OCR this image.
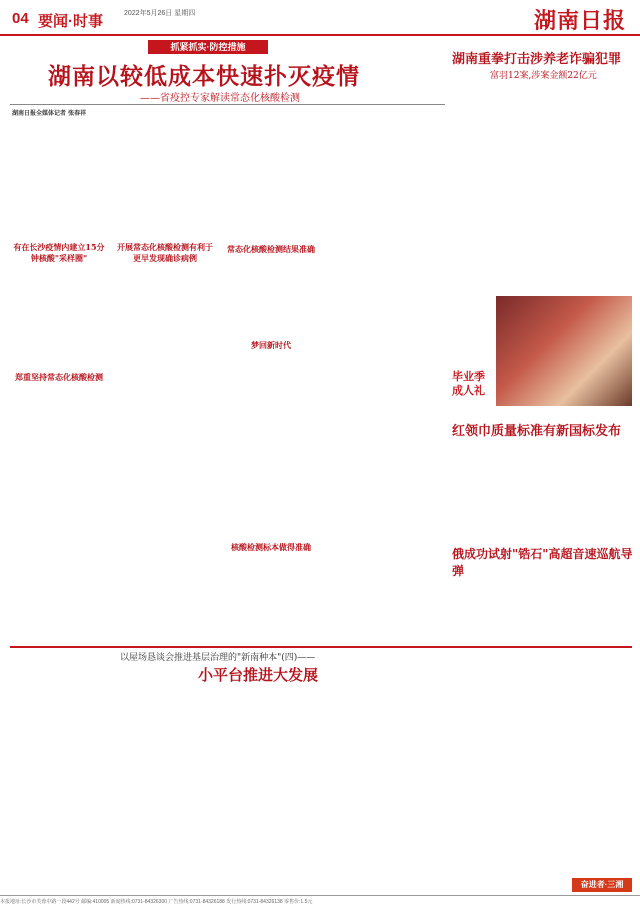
04 要闻·时事	2022年5月26日 星期四	湖南日报
抓紧抓实·防控措施
湖南以较低成本快速扑灭疫情
——省疫控专家解读常态化核酸检测
湖南日报全媒体记者 张春祥
有在长沙疫情内建立15分钟核酸"采样圈"
开展常态化核酸检测有利于更早发现确诊病例
常态化核酸检测结果准确
郑重坚持常态化核酸检测
梦回新时代
核酸检测标本做得准确
湖南重拳打击涉养老诈骗犯罪
富羽12案,涉案金额22亿元
毕业季
成人礼
红领巾质量标准有新国标发布
俄成功试射"锆石"高超音速巡航导弹
以屋场恳谈会推进基层治理的"新南种本"(四)——
小平台推进大发展
奋进者·三湘
本报地址:长沙市芙蓉中路一段442号 邮编:410005 新闻热线:0731-84326300 广告热线:0731-84326188 发行热线:0731-84326138 零售价:1.5元
